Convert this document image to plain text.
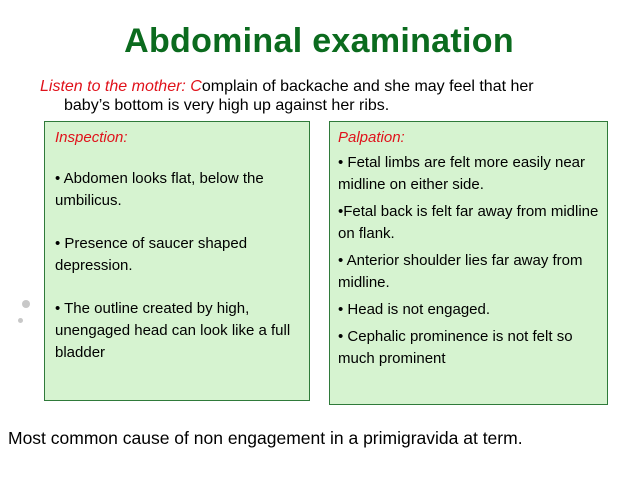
Abdominal examination
Listen to the mother: Complain of backache and she may feel that her
baby’s bottom is very high up against her ribs.
Inspection:
• Abdomen looks flat, below the umbilicus.
• Presence of saucer shaped depression.
• The outline created by high, unengaged head can look like a full bladder
Palpation:
• Fetal limbs are felt more easily near midline on either side.
•Fetal back is felt far away from midline on flank.
• Anterior shoulder lies far away from midline.
• Head is not engaged.
• Cephalic prominence is not felt so much prominent
Most common cause of non engagement in a primigravida at term.
